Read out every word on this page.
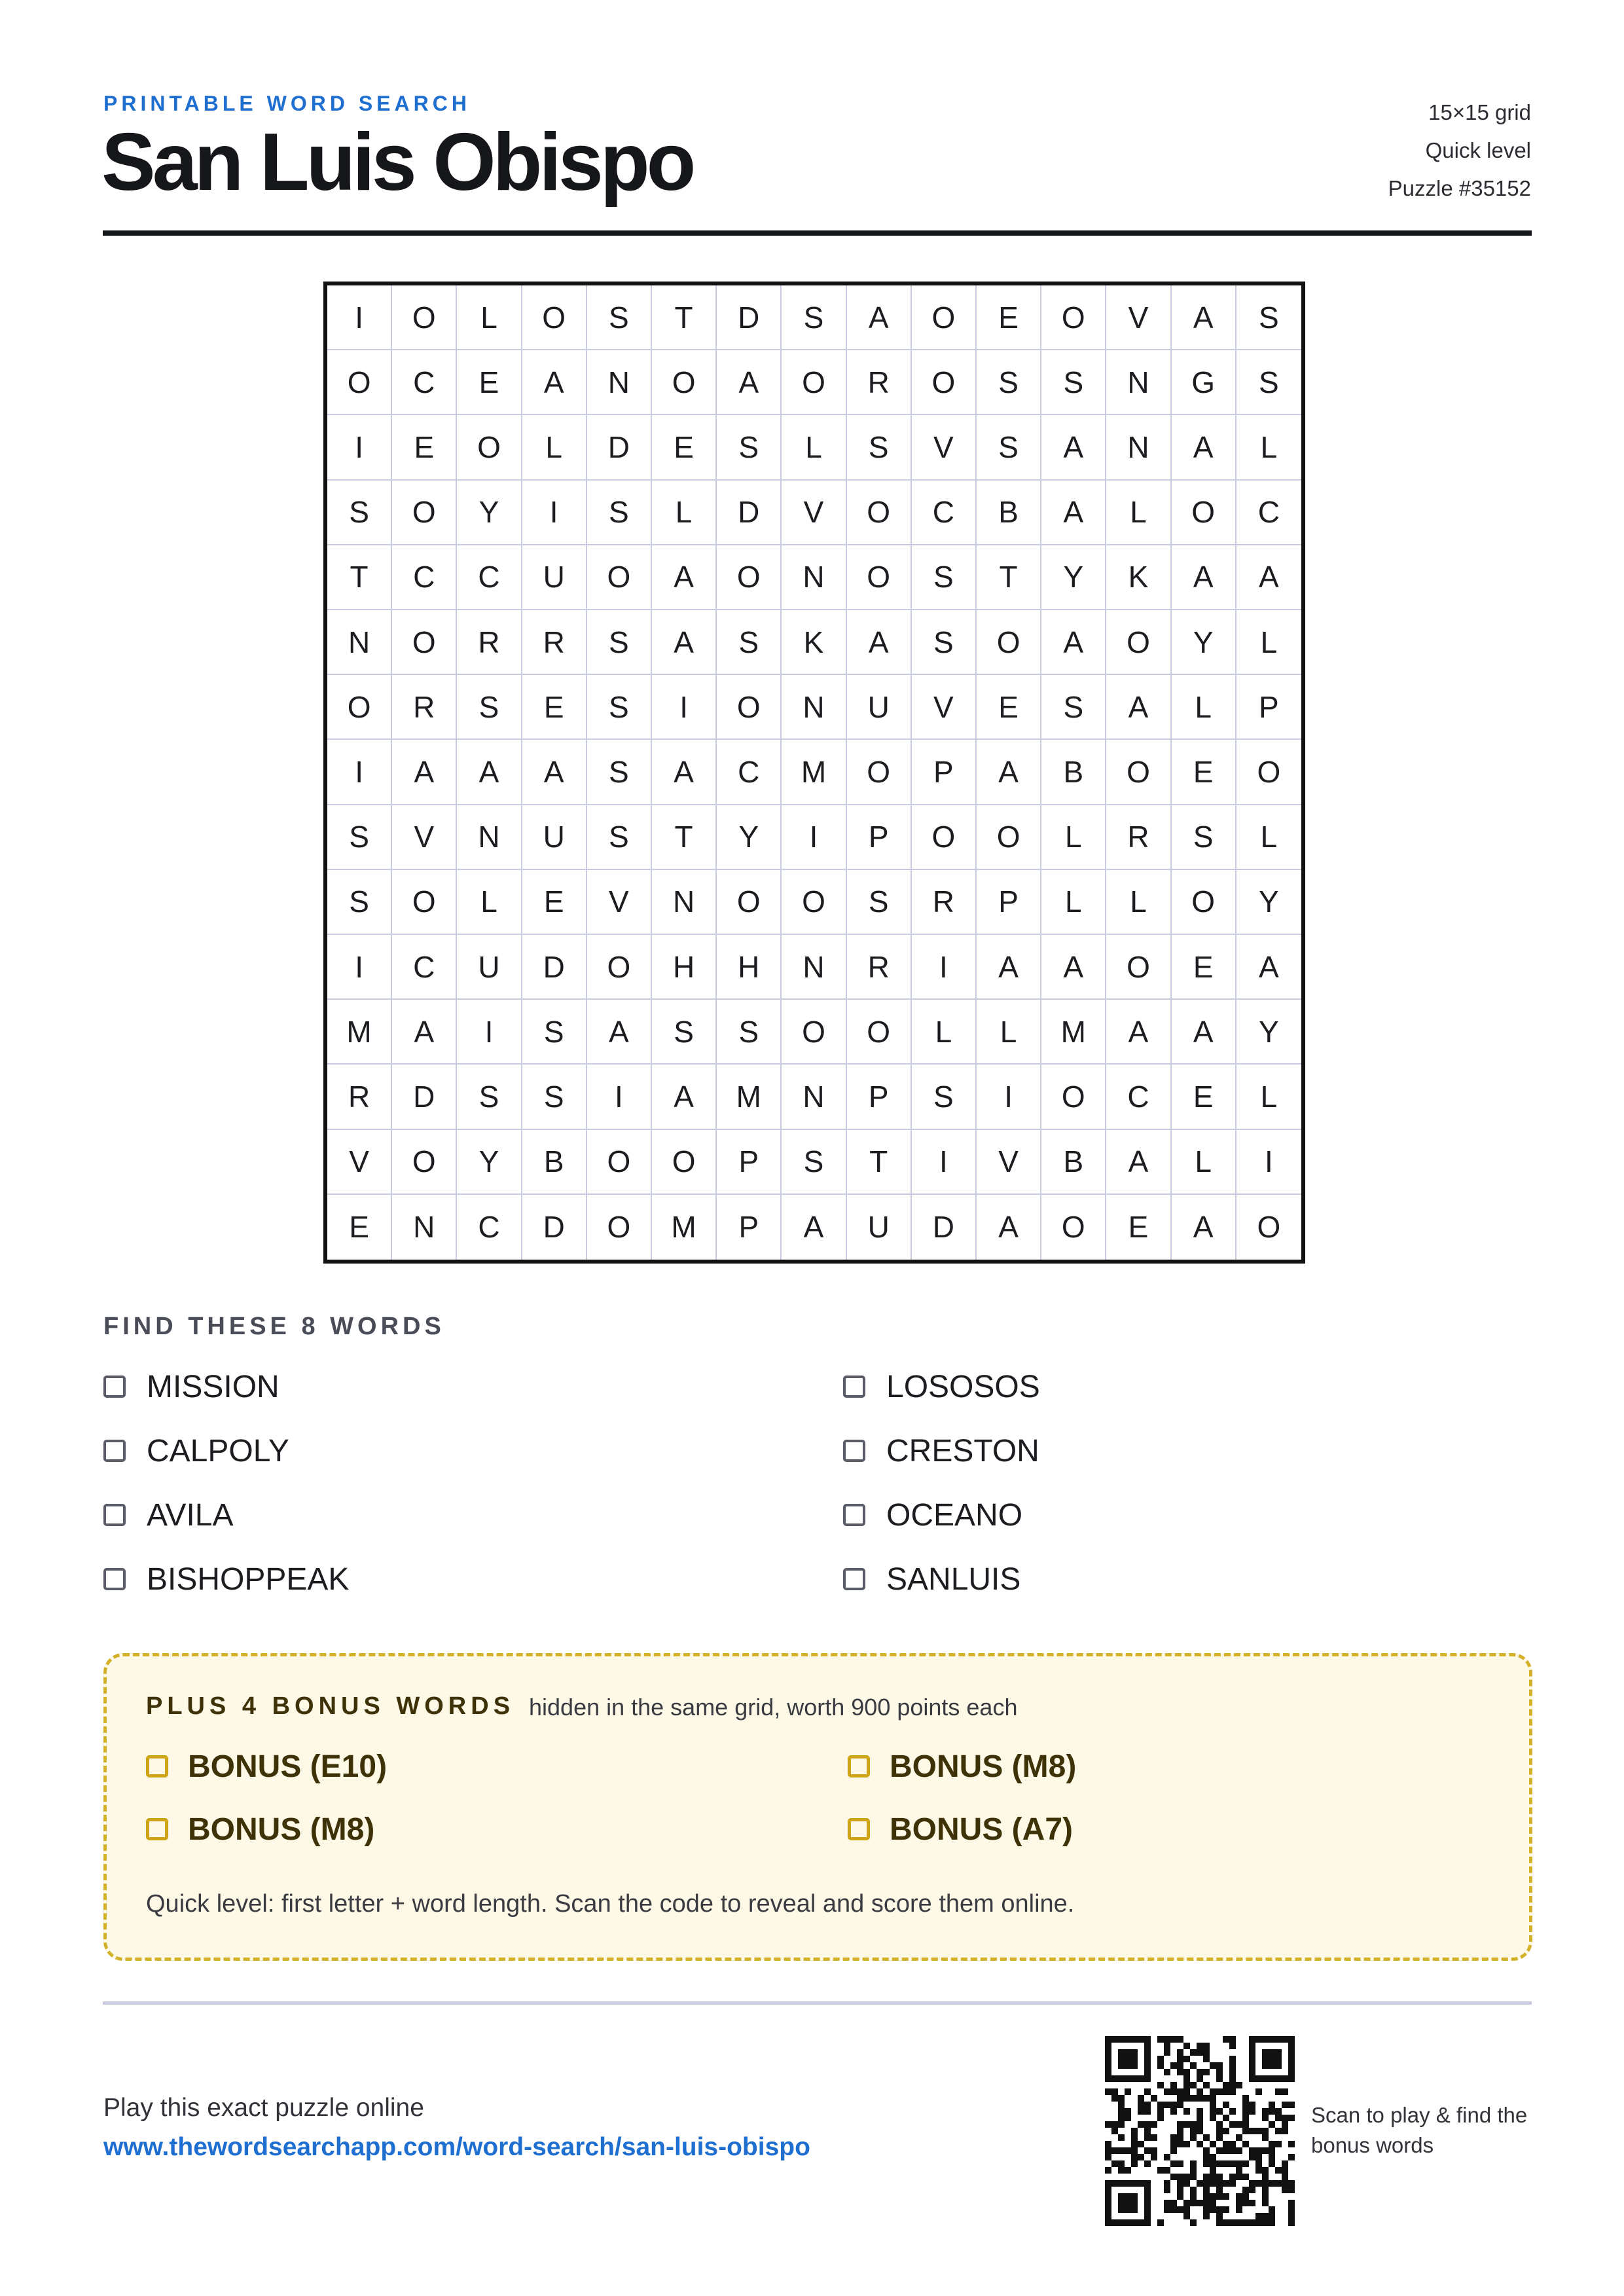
PRINTABLE WORD SEARCH
San Luis Obispo
15×15 grid
Quick level
Puzzle #35152
I	O	L	O	S	T	D	S	A	O	E	O	V	A	S
O	C	E	A	N	O	A	O	R	O	S	S	N	G	S
I	E	O	L	D	E	S	L	S	V	S	A	N	A	L
S	O	Y	I	S	L	D	V	O	C	B	A	L	O	C
T	C	C	U	O	A	O	N	O	S	T	Y	K	A	A
N	O	R	R	S	A	S	K	A	S	O	A	O	Y	L
O	R	S	E	S	I	O	N	U	V	E	S	A	L	P
I	A	A	A	S	A	C	M	O	P	A	B	O	E	O
S	V	N	U	S	T	Y	I	P	O	O	L	R	S	L
S	O	L	E	V	N	O	O	S	R	P	L	L	O	Y
I	C	U	D	O	H	H	N	R	I	A	A	O	E	A
M	A	I	S	A	S	S	O	O	L	L	M	A	A	Y
R	D	S	S	I	A	M	N	P	S	I	O	C	E	L
V	O	Y	B	O	O	P	S	T	I	V	B	A	L	I
E	N	C	D	O	M	P	A	U	D	A	O	E	A	O
FIND THESE 8 WORDS
MISSION	LOSOSOS
CALPOLY	CRESTON
AVILA	OCEANO
BISHOPPEAK	SANLUIS
PLUS 4 BONUS WORDS hidden in the same grid, worth 900 points each
BONUS (E10)	BONUS (M8)
BONUS (M8)	BONUS (A7)
Quick level: first letter + word length. Scan the code to reveal and score them online.
Play this exact puzzle online
www.thewordsearchapp.com/word-search/san-luis-obispo
Scan to play & find the bonus words
